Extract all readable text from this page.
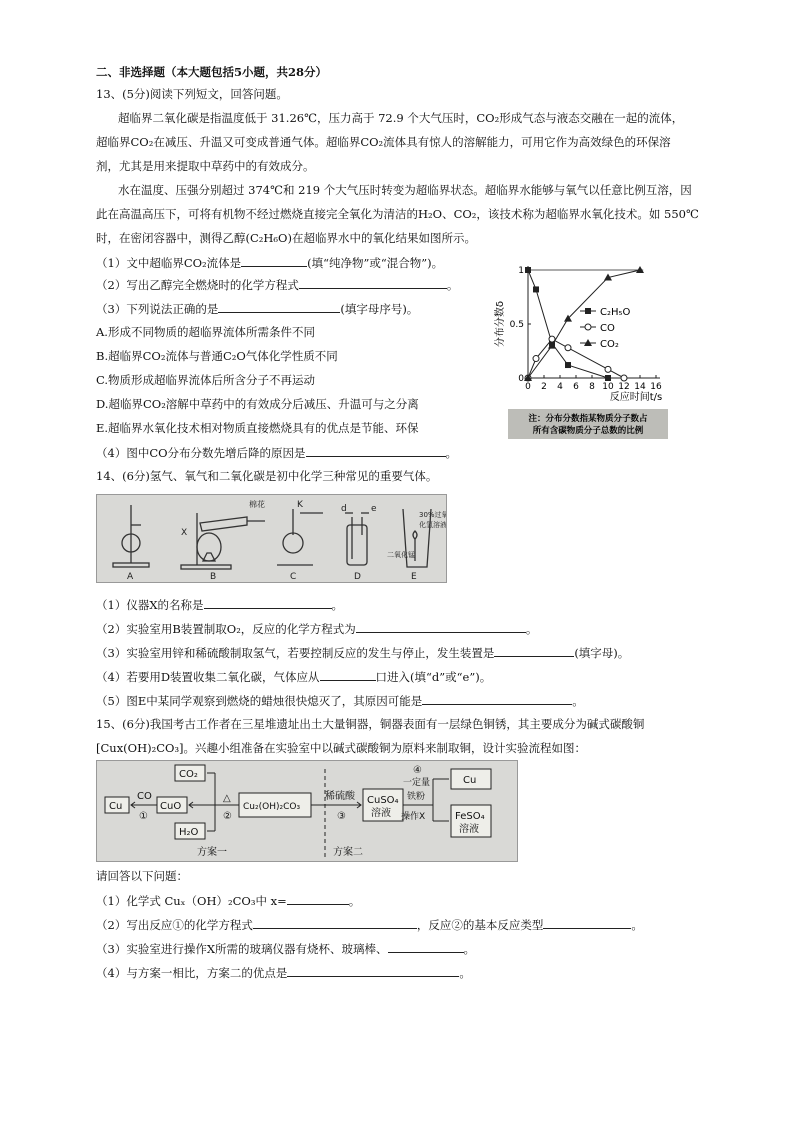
二、非选择题（本大题包括5小题，共28分）
13、(5分)阅读下列短文，回答问题。
超临界二氧化碳是指温度低于 31.26℃，压力高于 72.9 个大气压时，CO₂形成气态与液态交融在一起的流体，
超临界CO₂在减压、升温又可变成普通气体。超临界CO₂流体具有惊人的溶解能力，可用它作为高效绿色的环保溶
剂，尤其是用来提取中草药中的有效成分。
水在温度、压强分别超过 374℃和 219 个大气压时转变为超临界状态。超临界水能够与氧气以任意比例互溶，因
此在高温高压下，可将有机物不经过燃烧直接完全氧化为清洁的H₂O、CO₂，该技术称为超临界水氧化技术。如 550℃
时，在密闭容器中，测得乙醇(C₂H₆O)在超临界水中的氧化结果如图所示。
（1）文中超临界CO₂流体是	(填“纯净物”或“混合物”)。
（2）写出乙醇完全燃烧时的化学方程式	。
（3）下列说法正确的是	(填字母序号)。
A.形成不同物质的超临界流体所需条件不同
B.超临界CO₂流体与普通C₂O气体化学性质不同
C.物质形成超临界流体后所含分子不再运动
D.超临界CO₂溶解中草药中的有效成分后减压、升温可与之分离
E.超临界水氧化技术相对物质直接燃烧具有的优点是节能、环保
（4）图中CO分布分数先增后降的原因是	。
0 2 4 6 8 10 12 14 16
0
0.5
1
分布分数δ
反应时间t/s
C₂H₅O
CO
CO₂
注：分布分数指某物质分子数占
所有含碳物质分子总数的比例
14、(6分)氢气、氧气和二氧化碳是初中化学三种常见的重要气体。
A	B	C	D	E
X
K
棉花	d	e
30%过氧
化氢溶液
二氧化锰
（1）仪器X的名称是	。
（2）实验室用B装置制取O₂，反应的化学方程式为	。
（3）实验室用锌和稀硫酸制取氢气，若要控制反应的发生与停止，发生装置是	(填字母)。
（4）若要用D装置收集二氧化碳，气体应从	口进入(填“d”或“e”)。
（5）图E中某同学观察到燃烧的蜡烛很快熄灭了，其原因可能是	。
15、(6分)我国考古工作者在三星堆遗址出土大量铜器，铜器表面有一层绿色铜锈，其主要成分为碱式碳酸铜
[Cux(OH)₂CO₃]。兴趣小组准备在实验室中以碱式碳酸铜为原料来制取铜，设计实验流程如图：
Cu
CO
①
CuO
CO₂
H₂O
△
②
Cu₂(OH)₂CO₃
稀硫酸
③
CuSO₄
溶液
④
一定量
铁粉
操作X
Cu
FeSO₄
溶液
方案一	方案二
请回答以下问题：
（1）化学式 Cuₓ（OH）₂CO₃中 x=	。
（2）写出反应①的化学方程式	，反应②的基本反应类型	。
（3）实验室进行操作X所需的玻璃仪器有烧杯、玻璃棒、	。
（4）与方案一相比，方案二的优点是	。
